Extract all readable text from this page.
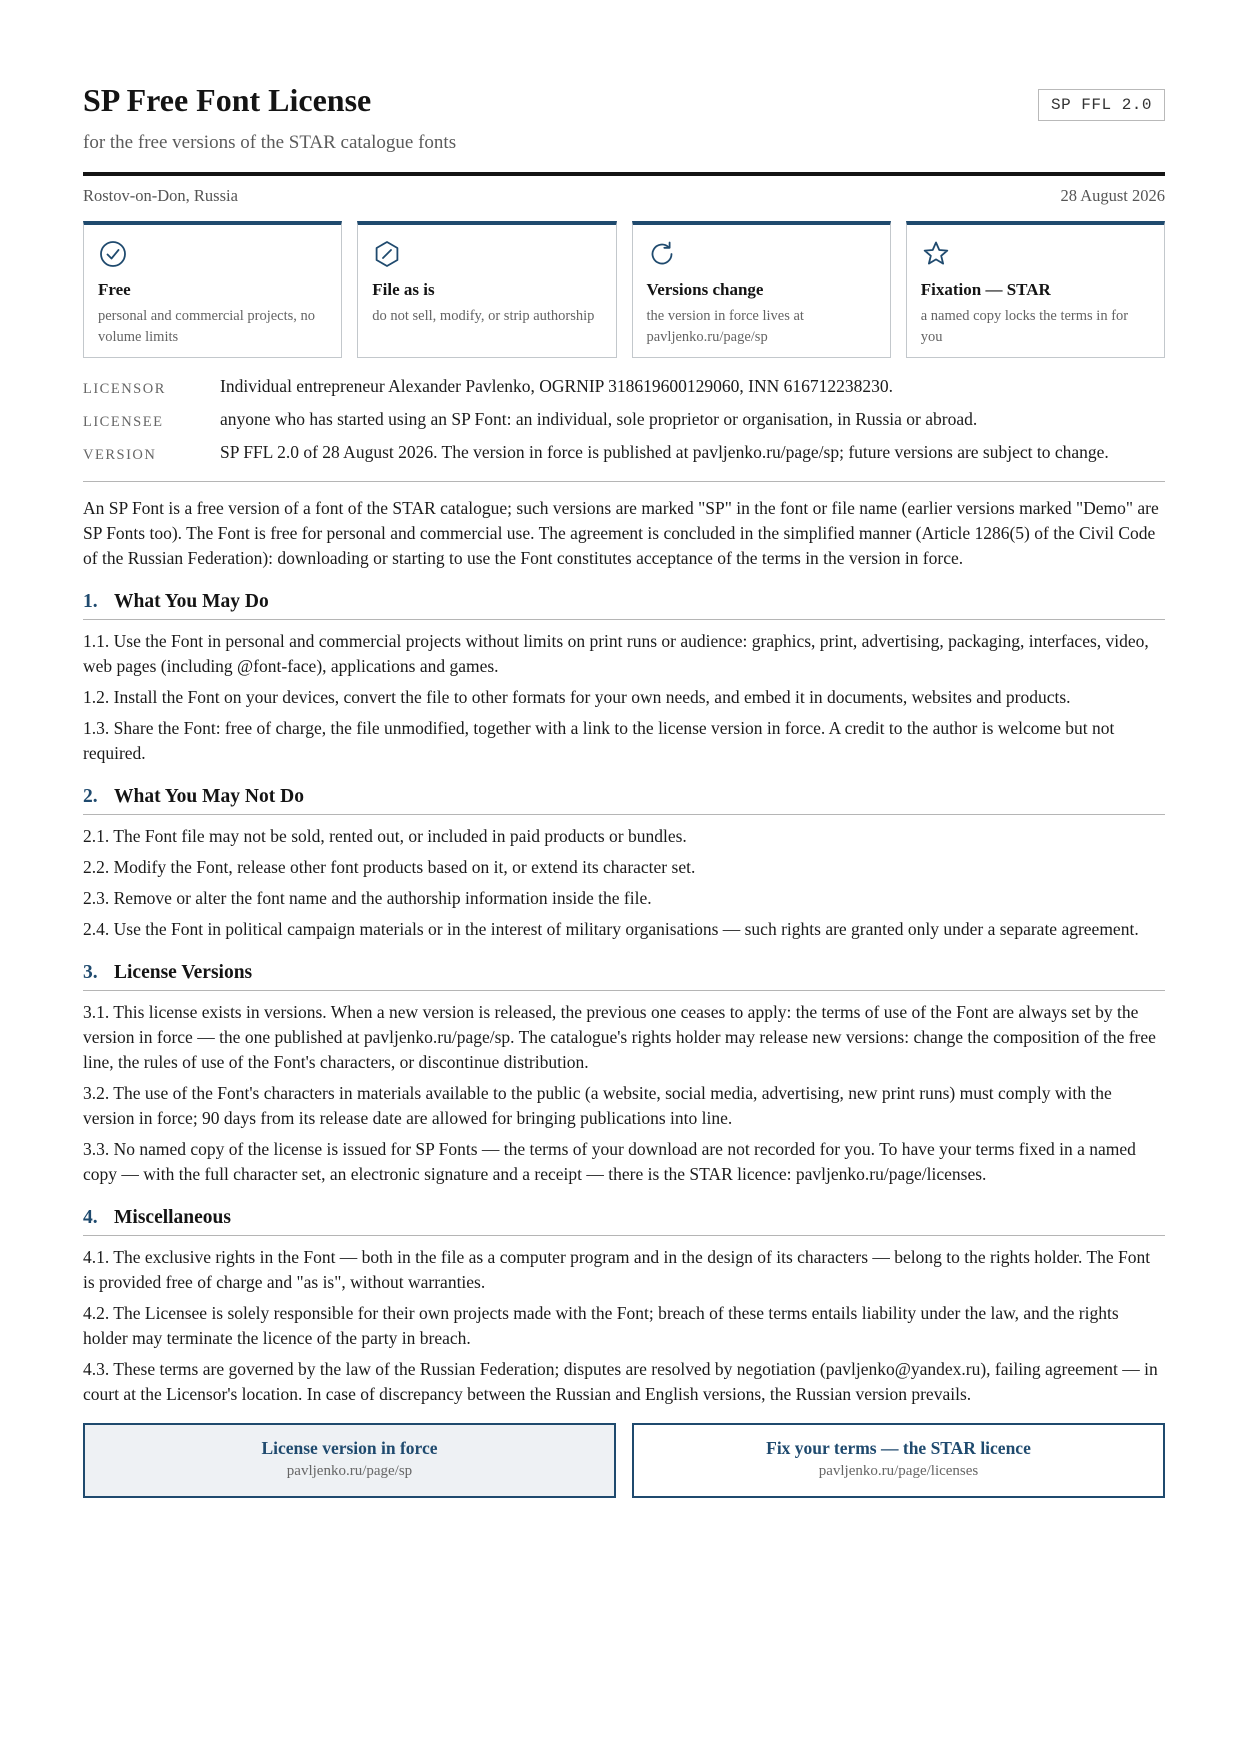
SP Free Font License
for the free versions of the STAR catalogue fonts
SP FFL 2.0
Rostov-on-Don, Russia	28 August 2026
Free
personal and commercial projects, no volume limits
File as is
do not sell, modify, or strip authorship
Versions change
the version in force lives at pavljenko.ru/page/sp
Fixation — STAR
a named copy locks the terms in for you
LICENSOR	Individual entrepreneur Alexander Pavlenko, OGRNIP 318619600129060, INN 616712238230.
LICENSEE	anyone who has started using an SP Font: an individual, sole proprietor or organisation, in Russia or abroad.
VERSION	SP FFL 2.0 of 28 August 2026. The version in force is published at pavljenko.ru/page/sp; future versions are subject to change.

An SP Font is a free version of a font of the STAR catalogue; such versions are marked "SP" in the font or file name (earlier versions marked "Demo" are SP Fonts too). The Font is free for personal and commercial use. The agreement is concluded in the simplified manner (Article 1286(5) of the Civil Code of the Russian Federation): downloading or starting to use the Font constitutes acceptance of the terms in the version in force.

1. What You May Do
1.1. Use the Font in personal and commercial projects without limits on print runs or audience: graphics, print, advertising, packaging, interfaces, video, web pages (including @font-face), applications and games.
1.2. Install the Font on your devices, convert the file to other formats for your own needs, and embed it in documents, websites and products.
1.3. Share the Font: free of charge, the file unmodified, together with a link to the license version in force. A credit to the author is welcome but not required.
2. What You May Not Do
2.1. The Font file may not be sold, rented out, or included in paid products or bundles.
2.2. Modify the Font, release other font products based on it, or extend its character set.
2.3. Remove or alter the font name and the authorship information inside the file.
2.4. Use the Font in political campaign materials or in the interest of military organisations — such rights are granted only under a separate agreement.
3. License Versions
3.1. This license exists in versions. When a new version is released, the previous one ceases to apply: the terms of use of the Font are always set by the version in force — the one published at pavljenko.ru/page/sp. The catalogue's rights holder may release new versions: change the composition of the free line, the rules of use of the Font's characters, or discontinue distribution.
3.2. The use of the Font's characters in materials available to the public (a website, social media, advertising, new print runs) must comply with the version in force; 90 days from its release date are allowed for bringing publications into line.
3.3. No named copy of the license is issued for SP Fonts — the terms of your download are not recorded for you. To have your terms fixed in a named copy — with the full character set, an electronic signature and a receipt — there is the STAR licence: pavljenko.ru/page/licenses.
4. Miscellaneous
4.1. The exclusive rights in the Font — both in the file as a computer program and in the design of its characters — belong to the rights holder. The Font is provided free of charge and "as is", without warranties.
4.2. The Licensee is solely responsible for their own projects made with the Font; breach of these terms entails liability under the law, and the rights holder may terminate the licence of the party in breach.
4.3. These terms are governed by the law of the Russian Federation; disputes are resolved by negotiation (pavljenko@yandex.ru), failing agreement — in court at the Licensor's location. In case of discrepancy between the Russian and English versions, the Russian version prevails.
License version in force
pavljenko.ru/page/sp
Fix your terms — the STAR licence
pavljenko.ru/page/licenses
